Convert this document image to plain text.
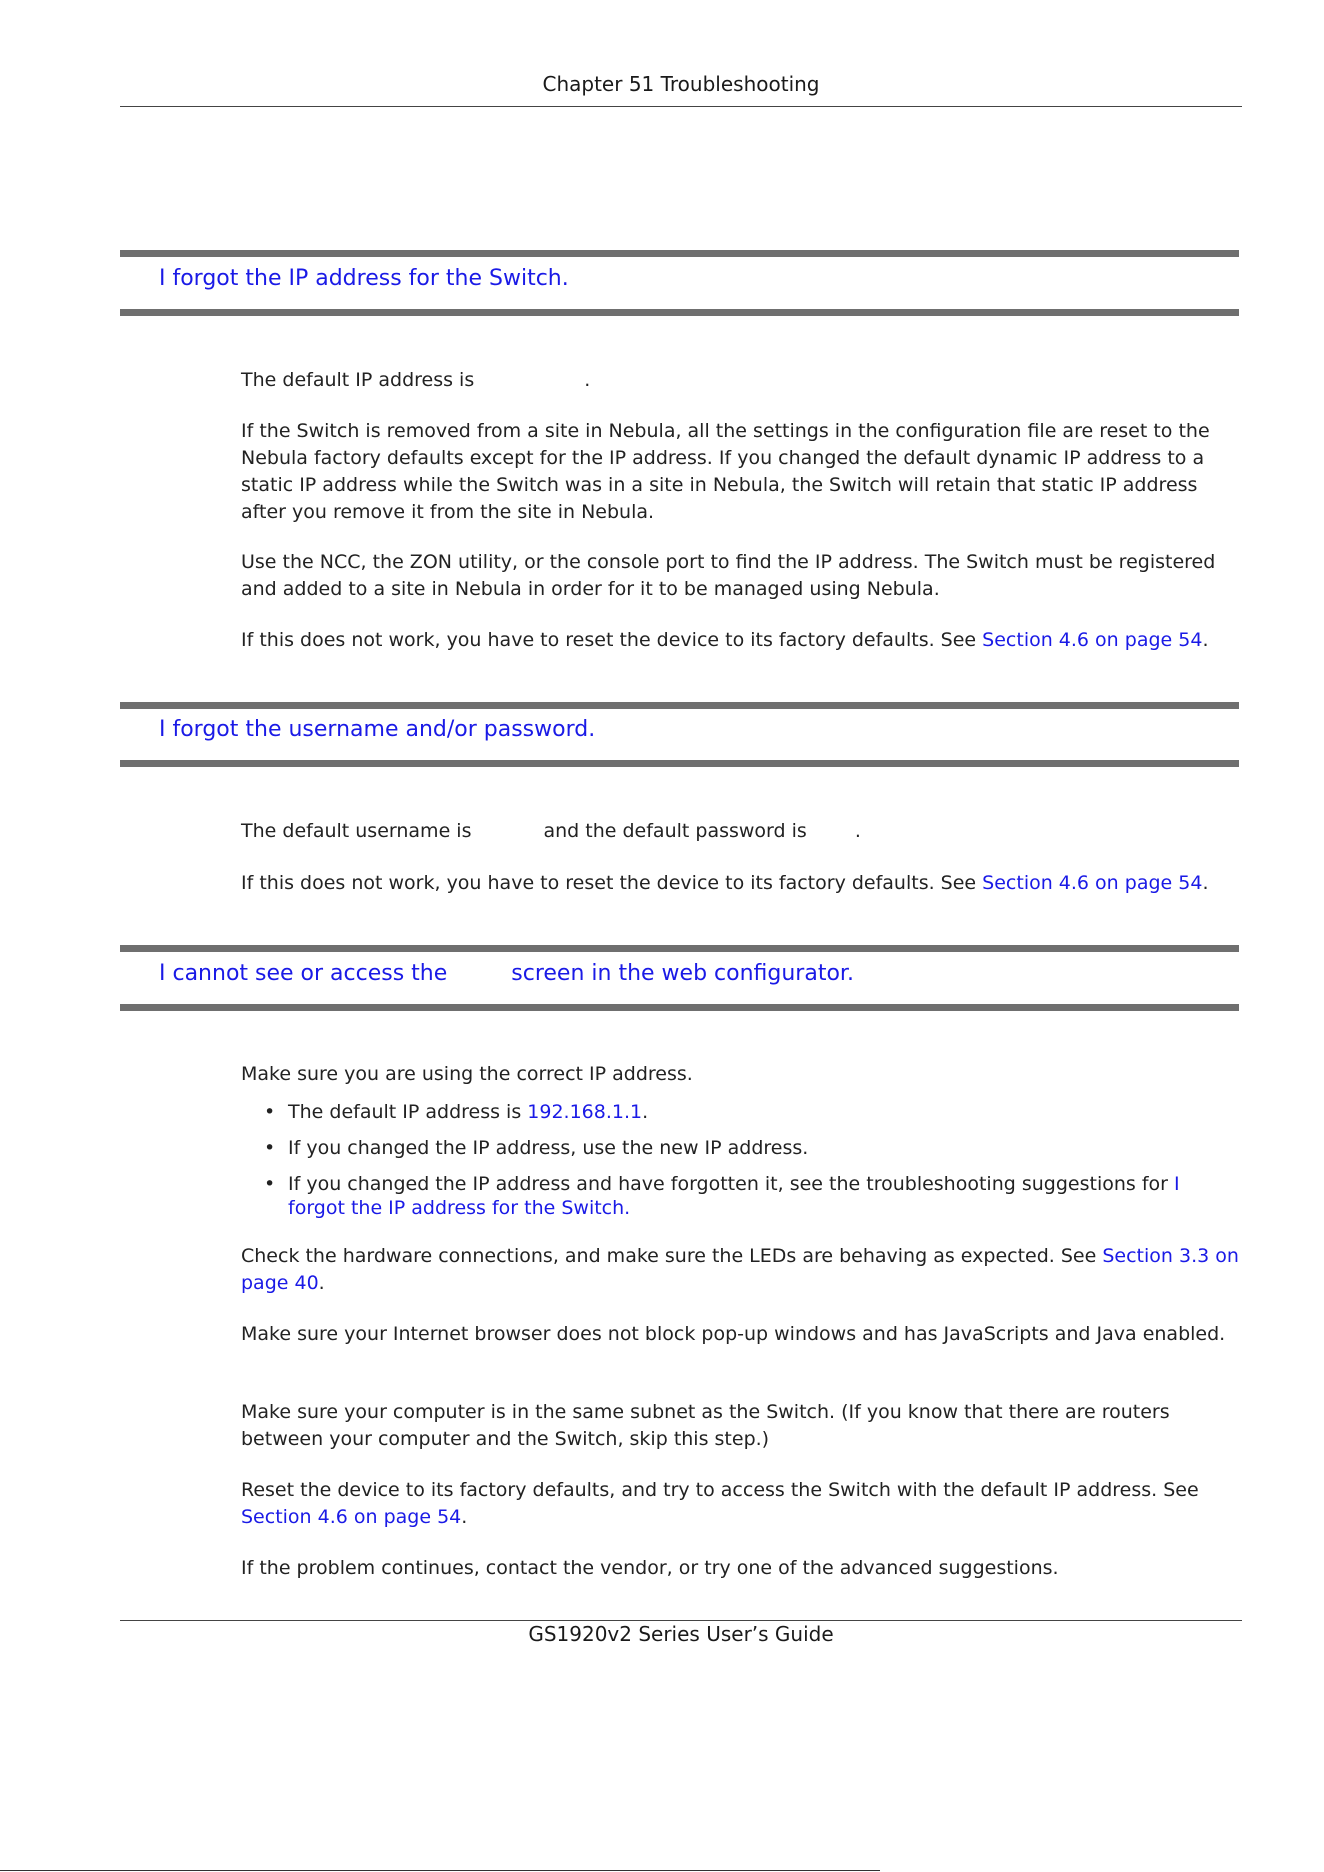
Chapter 51 Troubleshooting
I forgot the IP address for the Switch.
The default IP address is	.
If the Switch is removed from a site in Nebula, all the settings in the configuration file are reset to the Nebula factory defaults except for the IP address. If you changed the default dynamic IP address to a static IP address while the Switch was in a site in Nebula, the Switch will retain that static IP address after you remove it from the site in Nebula.
Use the NCC, the ZON utility, or the console port to find the IP address. The Switch must be registered and added to a site in Nebula in order for it to be managed using Nebula.
If this does not work, you have to reset the device to its factory defaults. See Section 4.6 on page 54.
I forgot the username and/or password.
The default username is	and the default password is	.
If this does not work, you have to reset the device to its factory defaults. See Section 4.6 on page 54.
I cannot see or access the	screen in the web configurator.
Make sure you are using the correct IP address.
• The default IP address is 192.168.1.1.
• If you changed the IP address, use the new IP address.
• If you changed the IP address and have forgotten it, see the troubleshooting suggestions for I forgot the IP address for the Switch.
Check the hardware connections, and make sure the LEDs are behaving as expected. See Section 3.3 on page 40.
Make sure your Internet browser does not block pop-up windows and has JavaScripts and Java enabled.
Make sure your computer is in the same subnet as the Switch. (If you know that there are routers between your computer and the Switch, skip this step.)
Reset the device to its factory defaults, and try to access the Switch with the default IP address. See Section 4.6 on page 54.
If the problem continues, contact the vendor, or try one of the advanced suggestions.
GS1920v2 Series User’s Guide
